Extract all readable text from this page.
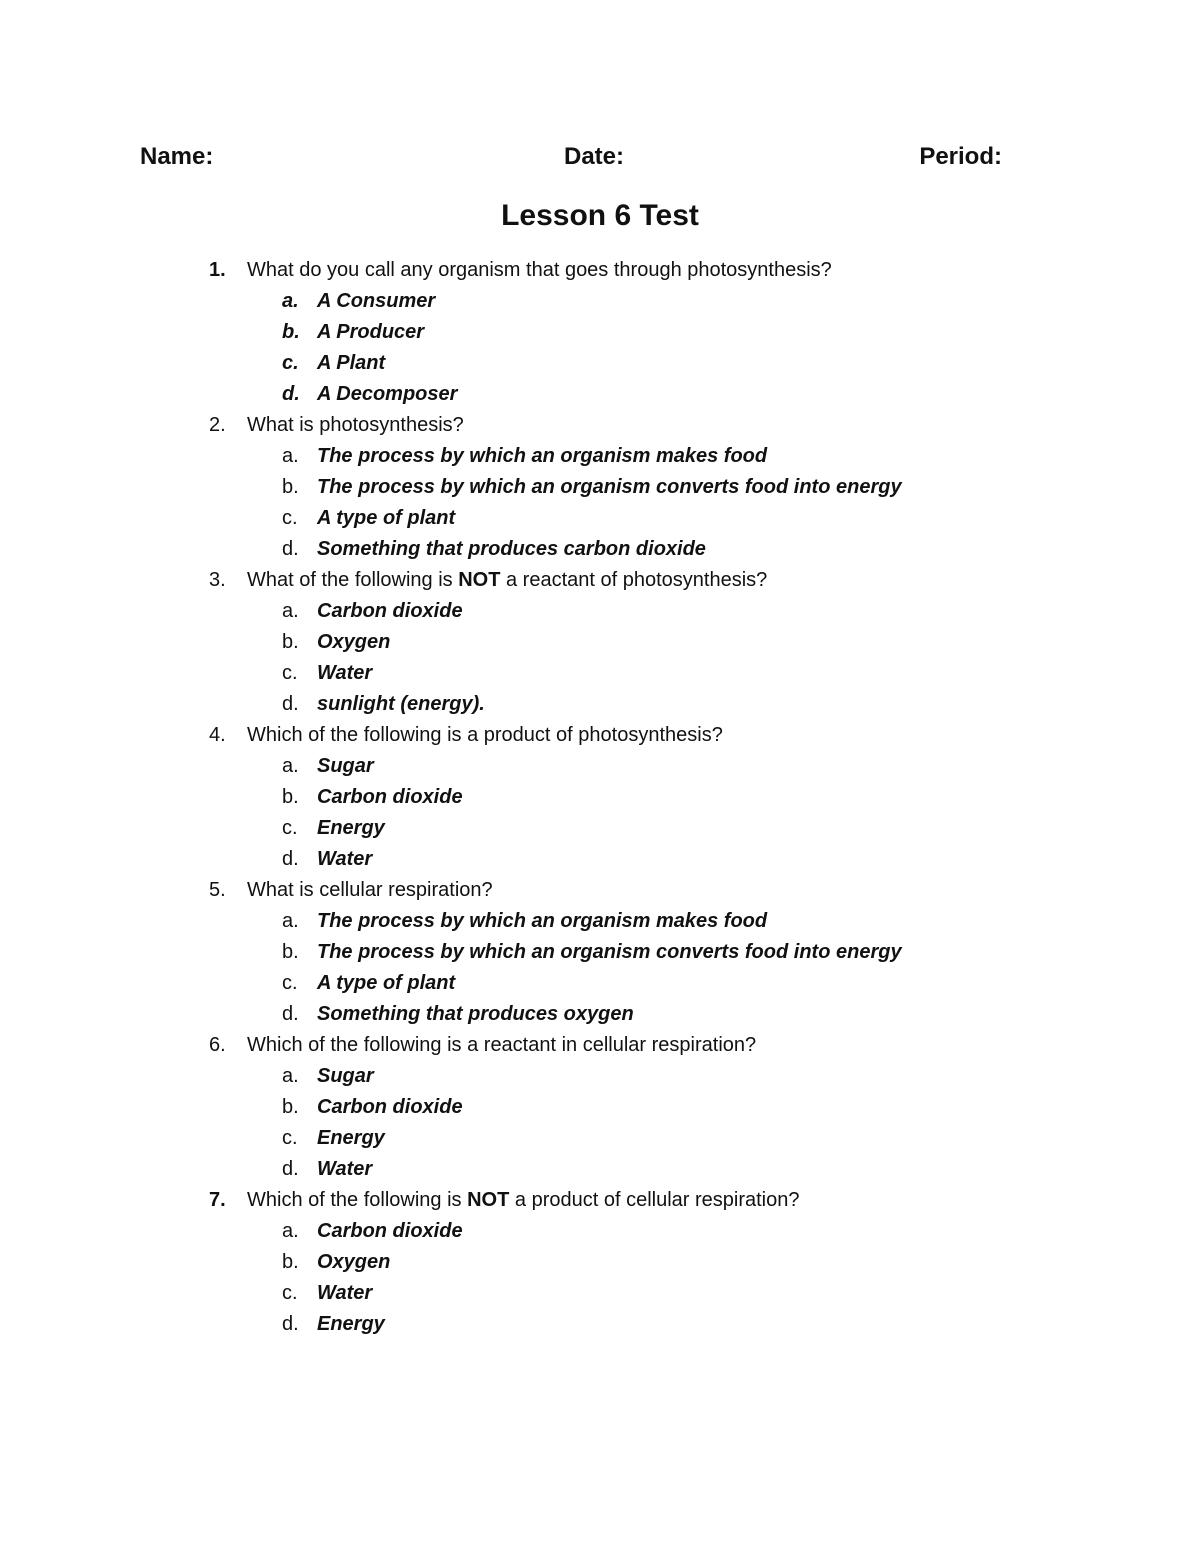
Name:	Date:	Period:
Lesson 6 Test
1. What do you call any organism that goes through photosynthesis?
a. A Consumer
b. A Producer
c. A Plant
d. A Decomposer
2. What is photosynthesis?
a. The process by which an organism makes food
b. The process by which an organism converts food into energy
c. A type of plant
d. Something that produces carbon dioxide
3. What of the following is NOT a reactant of photosynthesis?
a. Carbon dioxide
b. Oxygen
c. Water
d. sunlight (energy).
4. Which of the following is a product of photosynthesis?
a. Sugar
b. Carbon dioxide
c. Energy
d. Water
5. What is cellular respiration?
a. The process by which an organism makes food
b. The process by which an organism converts food into energy
c. A type of plant
d. Something that produces oxygen
6. Which of the following is a reactant in cellular respiration?
a. Sugar
b. Carbon dioxide
c. Energy
d. Water
7. Which of the following is NOT a product of cellular respiration?
a. Carbon dioxide
b. Oxygen
c. Water
d. Energy
